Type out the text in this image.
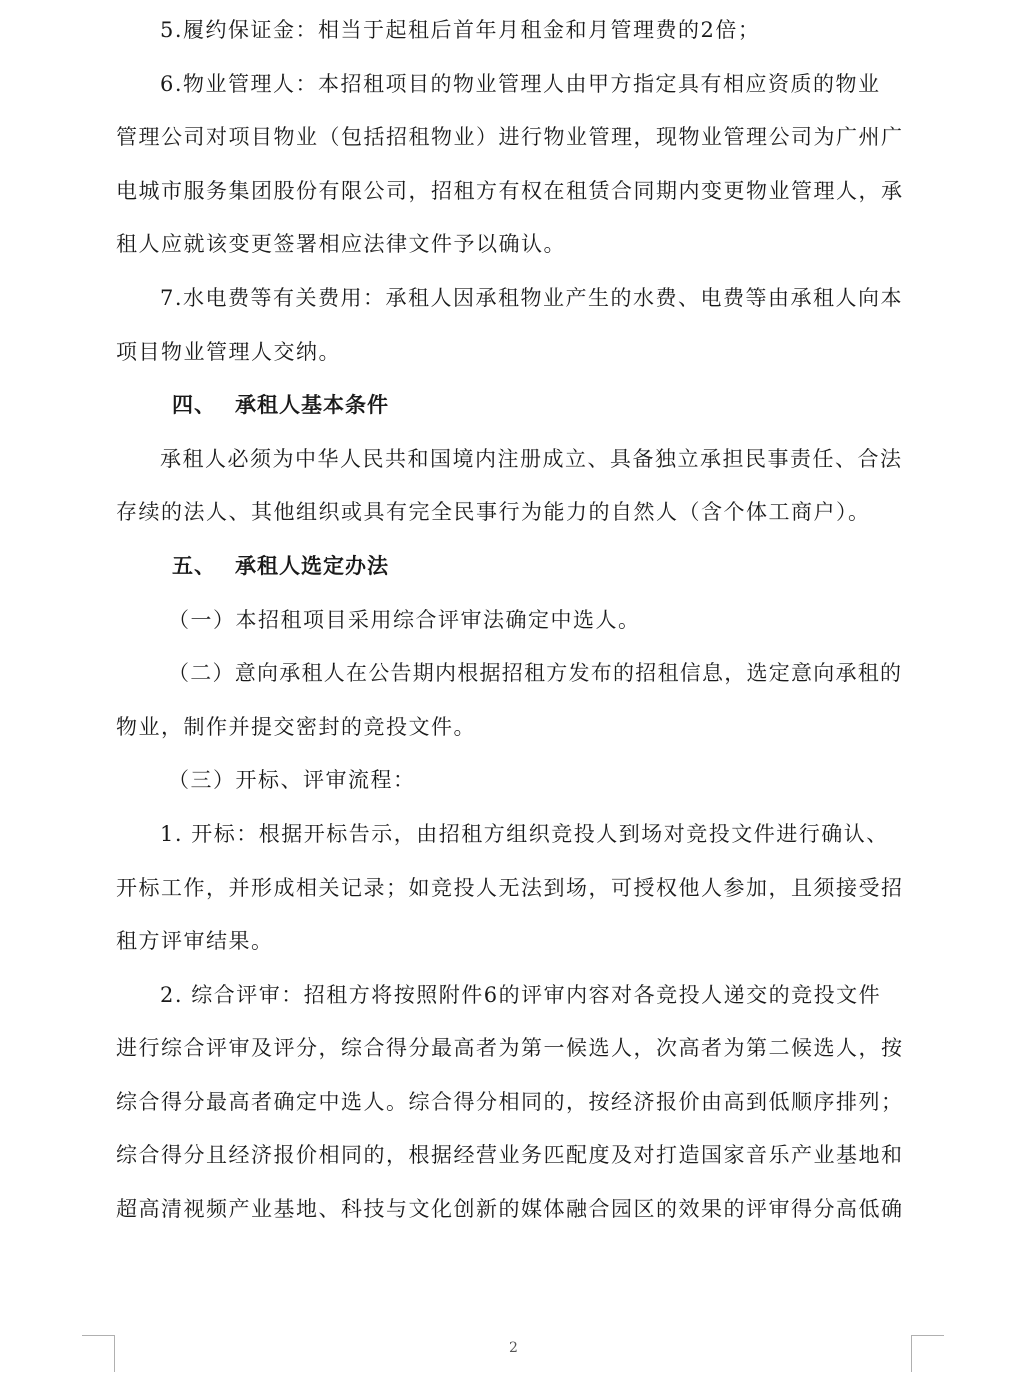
5.履约保证金：相当于起租后首年月租金和月管理费的2倍；

6.物业管理人：本招租项目的物业管理人由甲方指定具有相应资质的物业

管理公司对项目物业（包括招租物业）进行物业管理，现物业管理公司为广州广

电城市服务集团股份有限公司，招租方有权在租赁合同期内变更物业管理人，承

租人应就该变更签署相应法律文件予以确认。

7.水电费等有关费用：承租人因承租物业产生的水费、电费等由承租人向本

项目物业管理人交纳。

四、 承租人基本条件

承租人必须为中华人民共和国境内注册成立、具备独立承担民事责任、合法

存续的法人、其他组织或具有完全民事行为能力的自然人（含个体工商户）。

五、 承租人选定办法

（一）本招租项目采用综合评审法确定中选人。

（二）意向承租人在公告期内根据招租方发布的招租信息，选定意向承租的

物业，制作并提交密封的竞投文件。

（三）开标、评审流程：

1. 开标：根据开标告示，由招租方组织竞投人到场对竞投文件进行确认、

开标工作，并形成相关记录；如竞投人无法到场，可授权他人参加，且须接受招

租方评审结果。

2. 综合评审：招租方将按照附件6的评审内容对各竞投人递交的竞投文件

进行综合评审及评分，综合得分最高者为第一候选人，次高者为第二候选人，按

综合得分最高者确定中选人。综合得分相同的，按经济报价由高到低顺序排列；

综合得分且经济报价相同的，根据经营业务匹配度及对打造国家音乐产业基地和

超高清视频产业基地、科技与文化创新的媒体融合园区的效果的评审得分高低确

2
